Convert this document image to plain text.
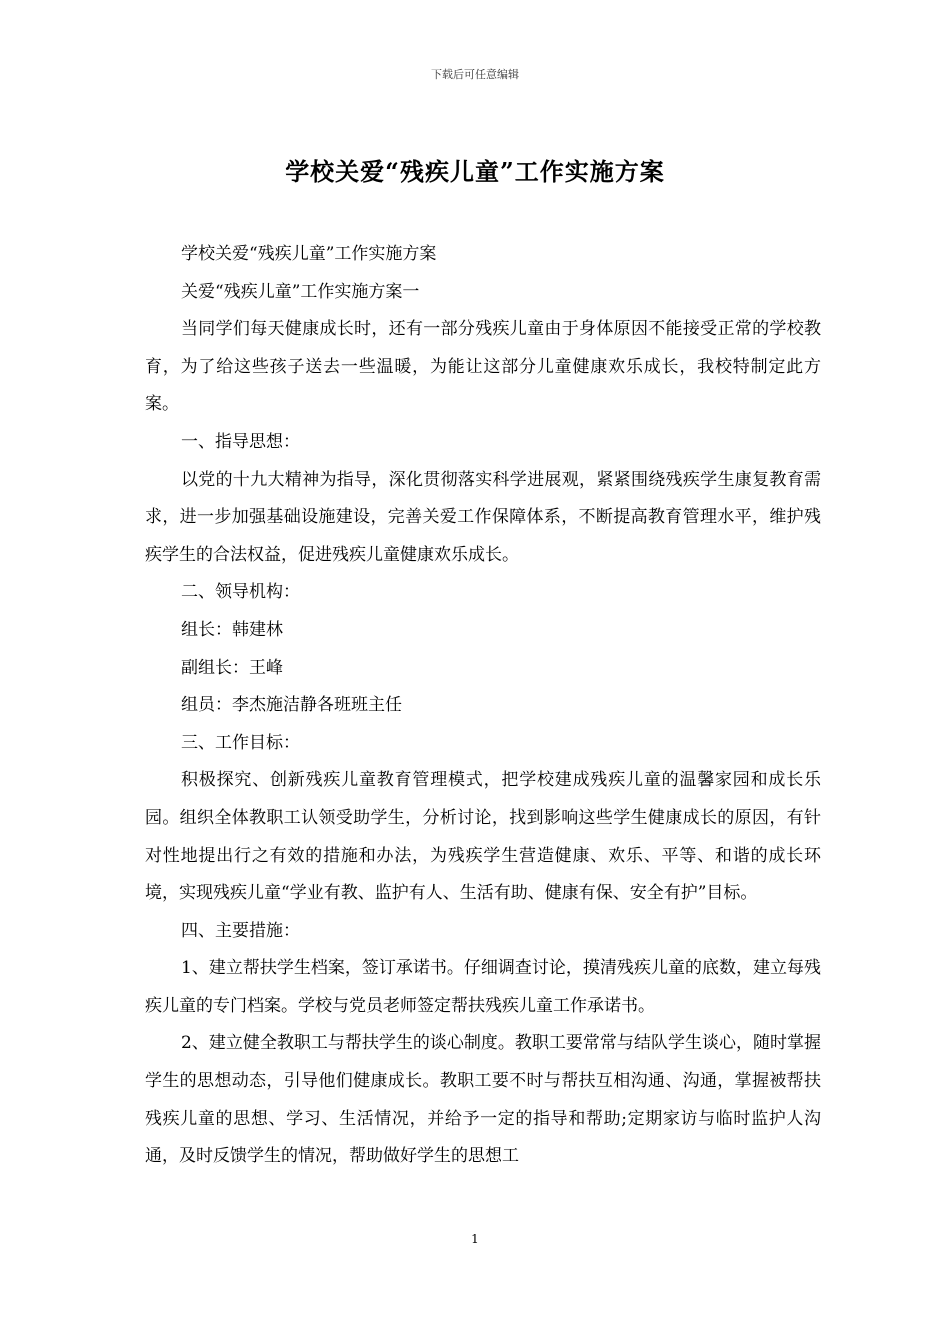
下载后可任意编辑
学校关爱“残疾儿童”工作实施方案

学校关爱“残疾儿童”工作实施方案

关爱“残疾儿童”工作实施方案一

当同学们每天健康成长时，还有一部分残疾儿童由于身体原因不能接受正常的学校教育，为了给这些孩子送去一些温暖，为能让这部分儿童健康欢乐成长，我校特制定此方案。

一、指导思想：

以党的十九大精神为指导，深化贯彻落实科学进展观，紧紧围绕残疾学生康复教育需求，进一步加强基础设施建设，完善关爱工作保障体系，不断提高教育管理水平，维护残疾学生的合法权益，促进残疾儿童健康欢乐成长。

二、领导机构：

组长：韩建林

副组长：王峰

组员：李杰施洁静各班班主任

三、工作目标：

积极探究、创新残疾儿童教育管理模式，把学校建成残疾儿童的温馨家园和成长乐园。组织全体教职工认领受助学生，分析讨论，找到影响这些学生健康成长的原因，有针对性地提出行之有效的措施和办法，为残疾学生营造健康、欢乐、平等、和谐的成长环境，实现残疾儿童“学业有教、监护有人、生活有助、健康有保、安全有护”目标。

四、主要措施：

1、建立帮扶学生档案，签订承诺书。仔细调查讨论，摸清残疾儿童的底数，建立每残疾儿童的专门档案。学校与党员老师签定帮扶残疾儿童工作承诺书。

2、建立健全教职工与帮扶学生的谈心制度。教职工要常常与结队学生谈心，随时掌握学生的思想动态，引导他们健康成长。教职工要不时与帮扶互相沟通、沟通，掌握被帮扶残疾儿童的思想、学习、生活情况，并给予一定的指导和帮助;定期家访与临时监护人沟通，及时反馈学生的情况，帮助做好学生的思想工

1
